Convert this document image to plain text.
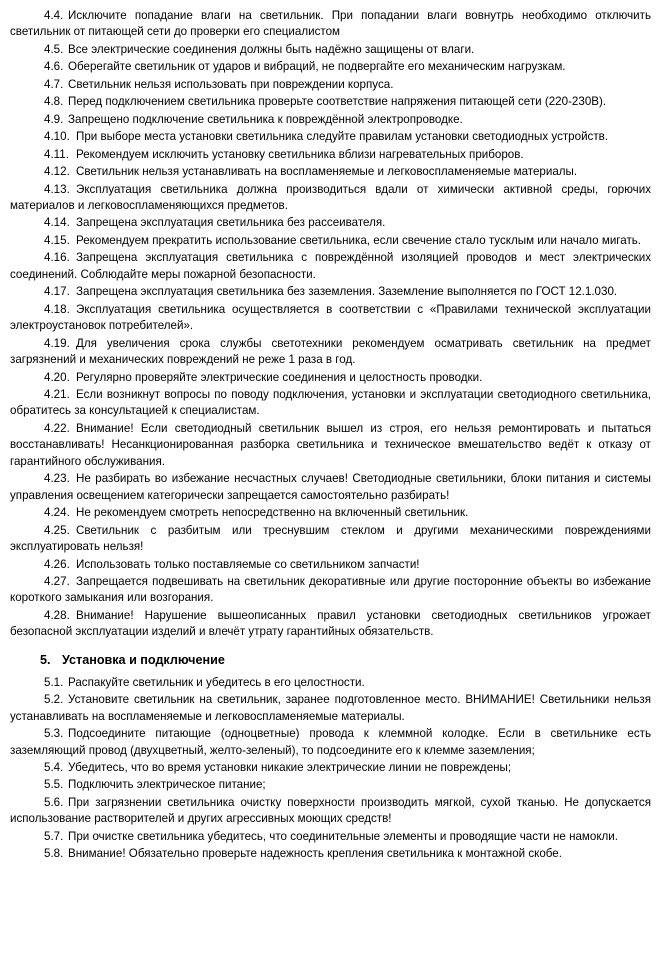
4.4. Исключите попадание влаги на светильник. При попадании влаги вовнутрь необходимо отключить светильник от питающей сети до проверки его специалистом

4.5. Все электрические соединения должны быть надёжно защищены от влаги.

4.6. Оберегайте светильник от ударов и вибраций, не подвергайте его механическим нагрузкам.

4.7. Светильник нельзя использовать при повреждении корпуса.

4.8. Перед подключением светильника проверьте соответствие напряжения питающей сети (220-230В).

4.9. Запрещено подключение светильника к повреждённой электропроводке.

4.10. При выборе места установки светильника следуйте правилам установки светодиодных устройств.

4.11. Рекомендуем исключить установку светильника вблизи нагревательных приборов.

4.12. Светильник нельзя устанавливать на воспламеняемые и легковоспламеняемые материалы.

4.13. Эксплуатация светильника должна производиться вдали от химически активной среды, горючих материалов и легковоспламеняющихся предметов.

4.14. Запрещена эксплуатация светильника без рассеивателя.

4.15. Рекомендуем прекратить использование светильника, если свечение стало тусклым или начало мигать.

4.16. Запрещена эксплуатация светильника с повреждённой изоляцией проводов и мест электрических соединений. Соблюдайте меры пожарной безопасности.

4.17. Запрещена эксплуатация светильника без заземления. Заземление выполняется по ГОСТ 12.1.030.

4.18. Эксплуатация светильника осуществляется в соответствии с «Правилами технической эксплуатации электроустановок потребителей».

4.19. Для увеличения срока службы светотехники рекомендуем осматривать светильник на предмет загрязнений и механических повреждений не реже 1 раза в год.

4.20. Регулярно проверяйте электрические соединения и целостность проводки.

4.21. Если возникнут вопросы по поводу подключения, установки и эксплуатации светодиодного светильника, обратитесь за консультацией к специалистам.

4.22. Внимание! Если светодиодный светильник вышел из строя, его нельзя ремонтировать и пытаться восстанавливать! Несанкционированная разборка светильника и техническое вмешательство ведёт к отказу от гарантийного обслуживания.

4.23. Не разбирать во избежание несчастных случаев! Светодиодные светильники, блоки питания и системы управления освещением категорически запрещается самостоятельно разбирать!

4.24. Не рекомендуем смотреть непосредственно на включенный светильник.

4.25. Светильник с разбитым или треснувшим стеклом и другими механическими повреждениями эксплуатировать нельзя!

4.26. Использовать только поставляемые со светильником запчасти!

4.27. Запрещается подвешивать на светильник декоративные или другие посторонние объекты во избежание короткого замыкания или возгорания.

4.28. Внимание! Нарушение вышеописанных правил установки светодиодных светильников угрожает безопасной эксплуатации изделий и влечёт утрату гарантийных обязательств.

5. Установка и подключение

5.1. Распакуйте светильник и убедитесь в его целостности.

5.2. Установите светильник на светильник, заранее подготовленное место. ВНИМАНИЕ! Светильники нельзя устанавливать на воспламеняемые и легковоспламеняемые материалы.

5.3. Подсоедините питающие (одноцветные) провода к клеммной колодке. Если в светильнике есть заземляющий провод (двухцветный, желто-зеленый), то подсоедините его к клемме заземления;

5.4. Убедитесь, что во время установки никакие электрические линии не повреждены;

5.5. Подключить электрическое питание;

5.6. При загрязнении светильника очистку поверхности производить мягкой, сухой тканью. Не допускается использование растворителей и других агрессивных моющих средств!

5.7. При очистке светильника убедитесь, что соединительные элементы и проводящие части не намокли.

5.8. Внимание! Обязательно проверьте надежность крепления светильника к монтажной скобе.
